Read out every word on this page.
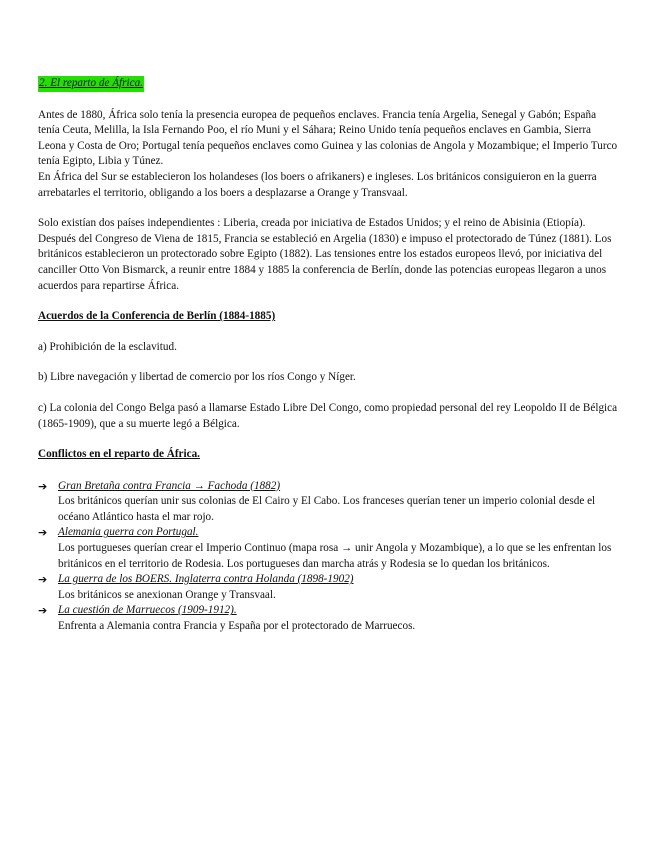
2. El reparto de África.

Antes de 1880, África solo tenía la presencia europea de pequeños enclaves. Francia tenía Argelia, Senegal y Gabón; España tenía Ceuta, Melilla, la Isla Fernando Poo, el río Muni y el Sáhara; Reino Unido tenía pequeños enclaves en Gambia, Sierra Leona y Costa de Oro; Portugal tenía pequeños enclaves como Guinea y las colonias de Angola y Mozambique; el Imperio Turco tenía Egipto, Libia y Túnez.

En África del Sur se establecieron los holandeses (los boers o afrikaners) e ingleses. Los británicos consiguieron en la guerra arrebatarles el territorio, obligando a los boers a desplazarse a Orange y Transvaal.

Solo existían dos países independientes : Liberia, creada por iniciativa de Estados Unidos; y el reino de Abisinia (Etiopía). Después del Congreso de Viena de 1815, Francia se estableció en Argelia (1830) e impuso el protectorado de Túnez (1881). Los británicos establecieron un protectorado sobre Egipto (1882). Las tensiones entre los estados europeos llevó, por iniciativa del canciller Otto Von Bismarck, a reunir entre 1884 y 1885 la conferencia de Berlín, donde las potencias europeas llegaron a unos acuerdos para repartirse África.

Acuerdos de la Conferencia de Berlín (1884-1885)

a) Prohibición de la esclavitud.

b) Libre navegación y libertad de comercio por los ríos Congo y Níger.

c) La colonia del Congo Belga pasó a llamarse Estado Libre Del Congo, como propiedad personal del rey Leopoldo II de Bélgica (1865-1909), que a su muerte legó a Bélgica.

Conflictos en el reparto de África.

➔ Gran Bretaña contra Francia → Fachoda (1882)

Los británicos querían unir sus colonias de El Cairo y El Cabo. Los franceses querían tener un imperio colonial desde el océano Atlántico hasta el mar rojo.

➔ Alemania guerra con Portugal.

Los portugueses querían crear el Imperio Continuo (mapa rosa → unir Angola y Mozambique), a lo que se les enfrentan los británicos en el territorio de Rodesia. Los portugueses dan marcha atrás y Rodesia se lo quedan los británicos.

➔ La guerra de los BOERS. Inglaterra contra Holanda (1898-1902)

Los británicos se anexionan Orange y Transvaal.

➔ La cuestión de Marruecos (1909-1912).

Enfrenta a Alemania contra Francia y España por el protectorado de Marruecos.
